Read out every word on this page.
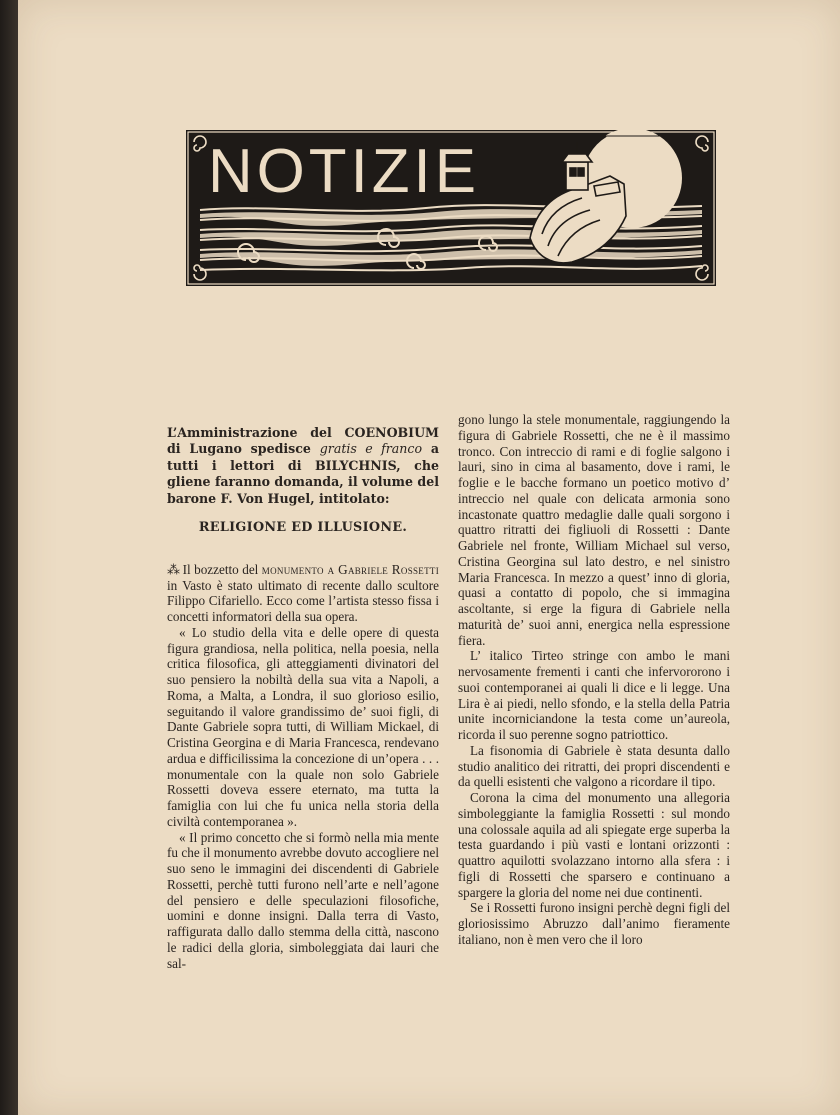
NOTIZIE

L’Amministrazione del COENOBIUM di Lugano spedisce gratis e franco a tutti i lettori di BILYCHNIS, che gliene faranno domanda, il volume del barone F. Von Hugel, intitolato:

RELIGIONE ED ILLUSIONE.

⁂ Il bozzetto del monumento a Gabriele Rossetti in Vasto è stato ultimato di recente dallo scultore Filippo Cifariello. Ecco come l’artista stesso fissa i concetti informatori della sua opera.

« Lo studio della vita e delle opere di questa figura grandiosa, nella politica, nella poesia, nella critica filosofica, gli atteggiamenti divinatori del suo pensiero la nobiltà della sua vita a Napoli, a Roma, a Malta, a Londra, il suo glorioso esilio, seguitando il valore grandissimo de’ suoi figli, di Dante Gabriele sopra tutti, di William Mickael, di Cristina Georgina e di Maria Francesca, rendevano ardua e difficilissima la concezione di un’opera . . . monumentale con la quale non solo Gabriele Rossetti doveva essere eternato, ma tutta la famiglia con lui che fu unica nella storia della civiltà contemporanea ».

« Il primo concetto che si formò nella mia mente fu che il monumento avrebbe dovuto accogliere nel suo seno le immagini dei discendenti di Gabriele Rossetti, perchè tutti furono nell’arte e nell’agone del pensiero e delle speculazioni filosofiche, uomini e donne insigni. Dalla terra di Vasto, raffigurata dallo dallo stemma della città, nascono le radici della gloria, simboleggiata dai lauri che sal-

gono lungo la stele monumentale, raggiungendo la figura di Gabriele Rossetti, che ne è il massimo tronco. Con intreccio di rami e di foglie salgono i lauri, sino in cima al basamento, dove i rami, le foglie e le bacche formano un poetico motivo d’ intreccio nel quale con delicata armonia sono incastonate quattro medaglie dalle quali sorgono i quattro ritratti dei figliuoli di Rossetti : Dante Gabriele nel fronte, William Michael sul verso, Cristina Georgina sul lato destro, e nel sinistro Maria Francesca. In mezzo a quest’ inno di gloria, quasi a contatto di popolo, che si immagina ascoltante, si erge la figura di Gabriele nella maturità de’ suoi anni, energica nella espressione fiera.

L’ italico Tirteo stringe con ambo le mani nervosamente frementi i canti che infervororono i suoi contemporanei ai quali li dice e li legge. Una Lira è ai piedi, nello sfondo, e la stella della Patria unite incorniciandone la testa come un’aureola, ricorda il suo perenne sogno patriottico.

La fisonomia di Gabriele è stata desunta dallo studio analitico dei ritratti, dei propri discendenti e da quelli esistenti che valgono a ricordare il tipo.

Corona la cima del monumento una allegoria simboleggiante la famiglia Rossetti : sul mondo una colossale aquila ad ali spiegate erge superba la testa guardando i più vasti e lontani orizzonti : quattro aquilotti svolazzano intorno alla sfera : i figli di Rossetti che sparsero e continuano a spargere la gloria del nome nei due continenti.

Se i Rossetti furono insigni perchè degni figli del gloriosissimo Abruzzo dall’animo fieramente italiano, non è men vero che il loro
